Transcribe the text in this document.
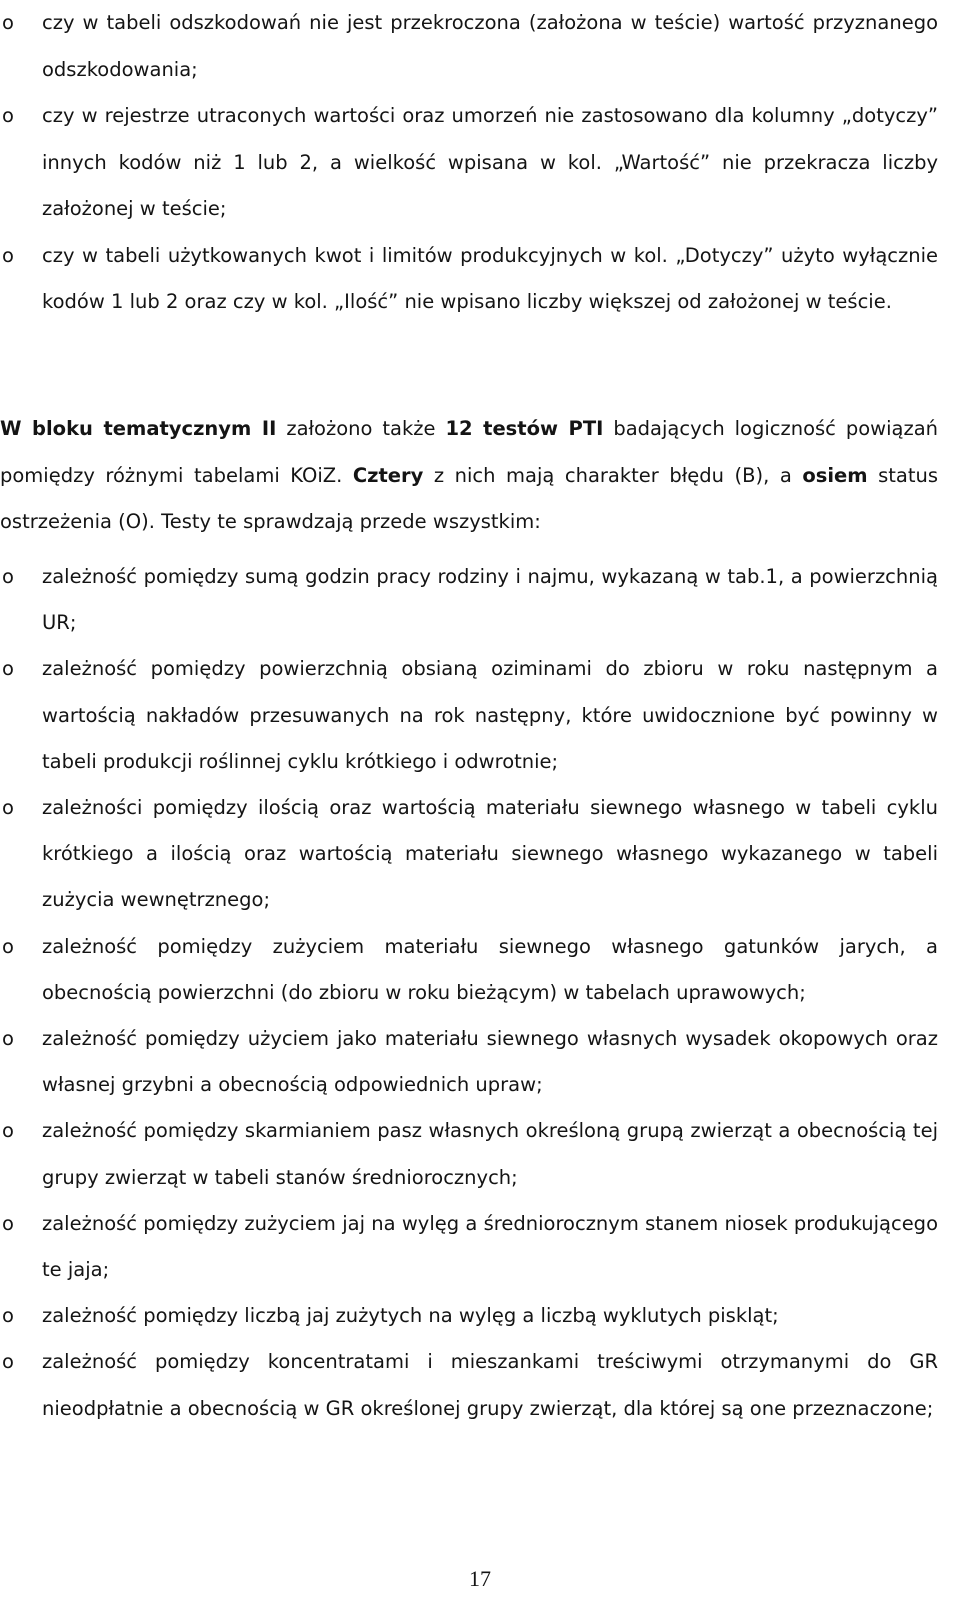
o czy w tabeli odszkodowań nie jest przekroczona (założona w teście) wartość przyznanego odszkodowania;
o czy w rejestrze utraconych wartości oraz umorzeń nie zastosowano dla kolumny „dotyczy” innych kodów niż 1 lub 2, a wielkość wpisana w kol. „Wartość” nie przekracza liczby założonej w teście;
o czy w tabeli użytkowanych kwot i limitów produkcyjnych w kol. „Dotyczy” użyto wyłącznie kodów 1 lub 2 oraz czy w kol. „Ilość” nie wpisano liczby większej od założonej w teście.

W bloku tematycznym II założono także 12 testów PTI badających logiczność powiązań pomiędzy różnymi tabelami KOiZ. Cztery z nich mają charakter błędu (B), a osiem status ostrzeżenia (O). Testy te sprawdzają przede wszystkim:

o zależność pomiędzy sumą godzin pracy rodziny i najmu, wykazaną w tab.1, a powierzchnią UR;
o zależność pomiędzy powierzchnią obsianą oziminami do zbioru w roku następnym a wartością nakładów przesuwanych na rok następny, które uwidocznione być powinny w tabeli produkcji roślinnej cyklu krótkiego i odwrotnie;
o zależności pomiędzy ilością oraz wartością materiału siewnego własnego w tabeli cyklu krótkiego a ilością oraz wartością materiału siewnego własnego wykazanego w tabeli zużycia wewnętrznego;
o zależność pomiędzy zużyciem materiału siewnego własnego gatunków jarych, a obecnością powierzchni (do zbioru w roku bieżącym) w tabelach uprawowych;
o zależność pomiędzy użyciem jako materiału siewnego własnych wysadek okopowych oraz własnej grzybni a obecnością odpowiednich upraw;
o zależność pomiędzy skarmianiem pasz własnych określoną grupą zwierząt a obecnością tej grupy zwierząt w tabeli stanów średniorocznych;
o zależność pomiędzy zużyciem jaj na wylęg a średniorocznym stanem niosek produkującego te jaja;
o zależność pomiędzy liczbą jaj zużytych na wylęg a liczbą wyklutych piskląt;
o zależność pomiędzy koncentratami i mieszankami treściwymi otrzymanymi do GR nieodpłatnie a obecnością w GR określonej grupy zwierząt, dla której są one przeznaczone;
17
